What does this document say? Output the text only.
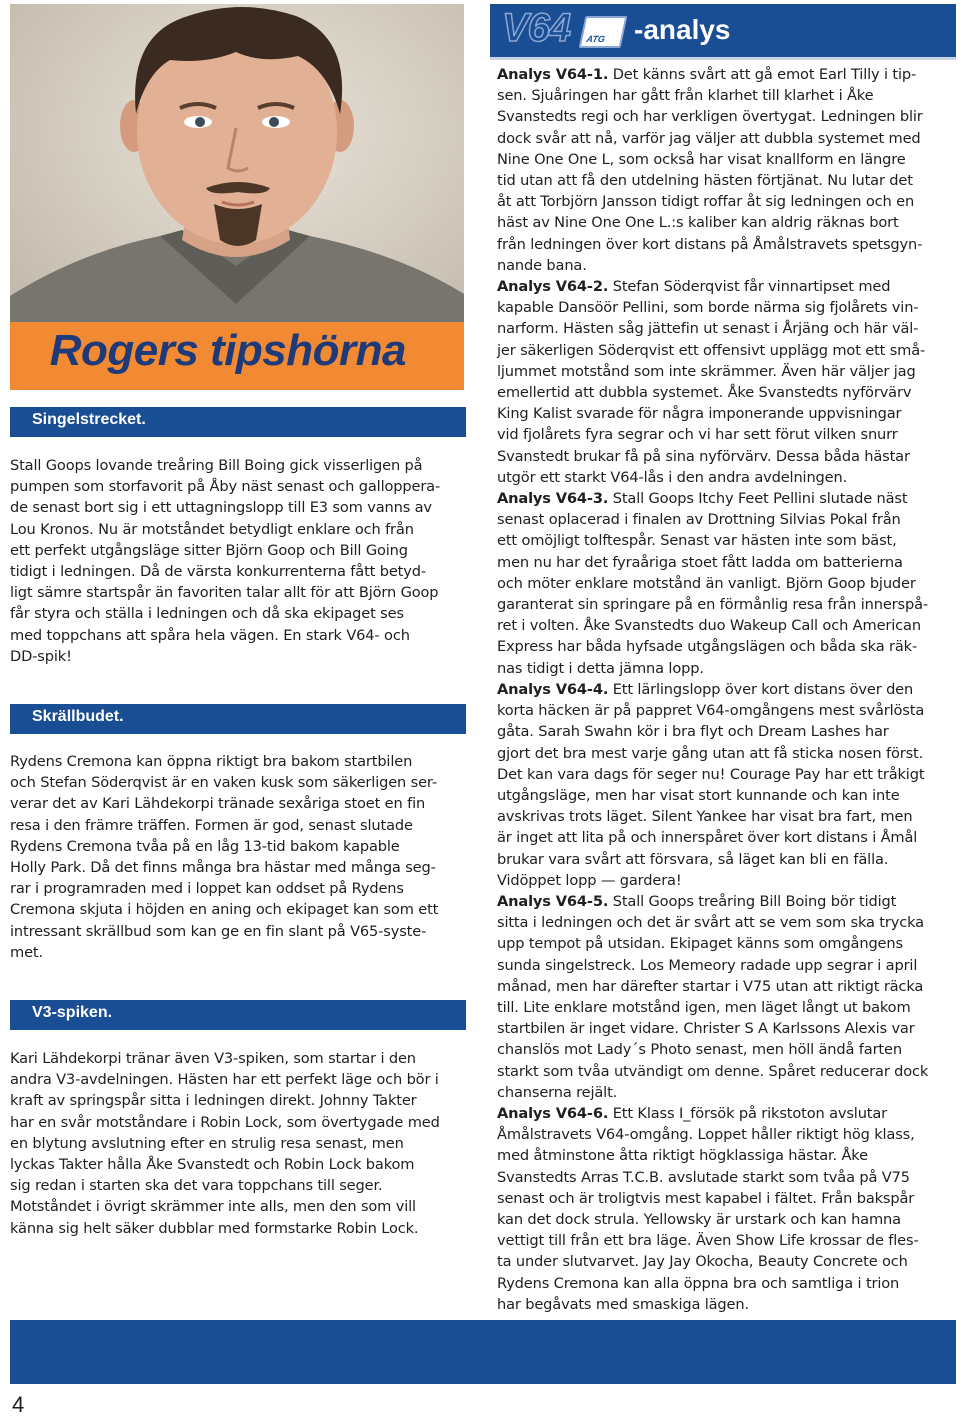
Rogers tipshörna
Singelstrecket.
Stall Goops lovande treåring Bill Boing gick visserligen på
pumpen som storfavorit på Åby näst senast och galloppera-
de senast bort sig i ett uttagningslopp till E3 som vanns av
Lou Kronos. Nu är motståndet betydligt enklare och från
ett perfekt utgångsläge sitter Björn Goop och Bill Going
tidigt i ledningen. Då de värsta konkurrenterna fått betyd-
ligt sämre startspår än favoriten talar allt för att Björn Goop
får styra och ställa i ledningen och då ska ekipaget ses
med toppchans att spåra hela vägen. En stark V64- och
DD-spik!
Skrällbudet.
Rydens Cremona kan öppna riktigt bra bakom startbilen
och Stefan Söderqvist är en vaken kusk som säkerligen ser-
verar det av Kari Lähdekorpi tränade sexåriga stoet en fin
resa i den främre träffen. Formen är god, senast slutade
Rydens Cremona tvåa på en låg 13-tid bakom kapable
Holly Park. Då det finns många bra hästar med många seg-
rar i programraden med i loppet kan oddset på Rydens
Cremona skjuta i höjden en aning och ekipaget kan som ett
intressant skrällbud som kan ge en fin slant på V65-syste-
met.
V3-spiken.
Kari Lähdekorpi tränar även V3-spiken, som startar i den
andra V3-avdelningen. Hästen har ett perfekt läge och bör i
kraft av springspår sitta i ledningen direkt. Johnny Takter
har en svår motståndare i Robin Lock, som övertygade med
en blytung avslutning efter en strulig resa senast, men
lyckas Takter hålla Åke Svanstedt och Robin Lock bakom
sig redan i starten ska det vara toppchans till seger.
Motståndet i övrigt skrämmer inte alls, men den som vill
känna sig helt säker dubblar med formstarke Robin Lock.
V64 ATG -analys

Analys V64-1. Det känns svårt att gå emot Earl Tilly i tip-
sen. Sjuåringen har gått från klarhet till klarhet i Åke
Svanstedts regi och har verkligen övertygat. Ledningen blir
dock svår att nå, varför jag väljer att dubbla systemet med
Nine One One L, som också har visat knallform en längre
tid utan att få den utdelning hästen förtjänat. Nu lutar det
åt att Torbjörn Jansson tidigt roffar åt sig ledningen och en
häst av Nine One One L.:s kaliber kan aldrig räknas bort
från ledningen över kort distans på Åmålstravets spetsgyn-
nande bana.

Analys V64-2. Stefan Söderqvist får vinnartipset med
kapable Dansöör Pellini, som borde närma sig fjolårets vin-
narform. Hästen såg jättefin ut senast i Årjäng och här väl-
jer säkerligen Söderqvist ett offensivt upplägg mot ett små-
ljummet motstånd som inte skrämmer. Även här väljer jag
emellertid att dubbla systemet. Åke Svanstedts nyförvärv
King Kalist svarade för några imponerande uppvisningar
vid fjolårets fyra segrar och vi har sett förut vilken snurr
Svanstedt brukar få på sina nyförvärv. Dessa båda hästar
utgör ett starkt V64-lås i den andra avdelningen.

Analys V64-3. Stall Goops Itchy Feet Pellini slutade näst
senast oplacerad i finalen av Drottning Silvias Pokal från
ett omöjligt tolftespår. Senast var hästen inte som bäst,
men nu har det fyraåriga stoet fått ladda om batterierna
och möter enklare motstånd än vanligt. Björn Goop bjuder
garanterat sin springare på en förmånlig resa från innerspå-
ret i volten. Åke Svanstedts duo Wakeup Call och American
Express har båda hyfsade utgångslägen och båda ska räk-
nas tidigt i detta jämna lopp.

Analys V64-4. Ett lärlingslopp över kort distans över den
korta häcken är på pappret V64-omgångens mest svårlösta
gåta. Sarah Swahn kör i bra flyt och Dream Lashes har
gjort det bra mest varje gång utan att få sticka nosen först.
Det kan vara dags för seger nu! Courage Pay har ett tråkigt
utgångsläge, men har visat stort kunnande och kan inte
avskrivas trots läget. Silent Yankee har visat bra fart, men
är inget att lita på och innerspåret över kort distans i Åmål
brukar vara svårt att försvara, så läget kan bli en fälla.
Vidöppet lopp — gardera!

Analys V64-5. Stall Goops treåring Bill Boing bör tidigt
sitta i ledningen och det är svårt att se vem som ska trycka
upp tempot på utsidan. Ekipaget känns som omgångens
sunda singelstreck. Los Memeory radade upp segrar i april
månad, men har därefter startar i V75 utan att riktigt räcka
till. Lite enklare motstånd igen, men läget långt ut bakom
startbilen är inget vidare. Christer S A Karlssons Alexis var
chanslös mot Lady´s Photo senast, men höll ändå farten
starkt som tvåa utvändigt om denne. Spåret reducerar dock
chanserna rejält.

Analys V64-6. Ett Klass I_försök på rikstoton avslutar
Åmålstravets V64-omgång. Loppet håller riktigt hög klass,
med åtminstone åtta riktigt högklassiga hästar. Åke
Svanstedts Arras T.C.B. avslutade starkt som tvåa på V75
senast och är troligtvis mest kapabel i fältet. Från bakspår
kan det dock strula. Yellowsky är urstark och kan hamna
vettigt till från ett bra läge. Även Show Life krossar de fles-
ta under slutvarvet. Jay Jay Okocha, Beauty Concrete och
Rydens Cremona kan alla öppna bra och samtliga i trion
har begåvats med smaskiga lägen.

4
